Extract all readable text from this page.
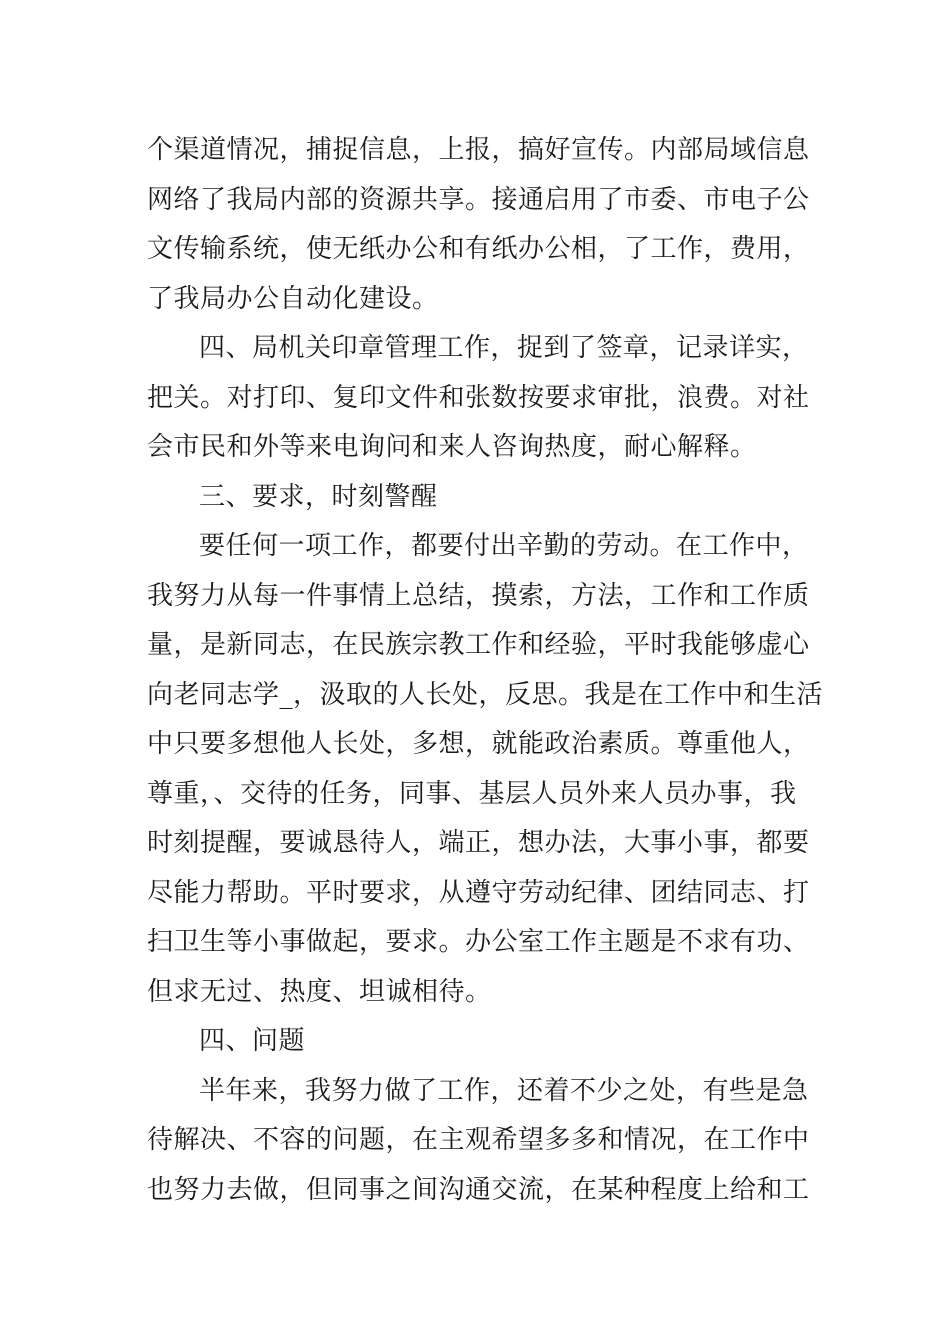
个渠道情况，捕捉信息，上报，搞好宣传。内部局域信息
网络了我局内部的资源共享。接通启用了市委、市电子公
文传输系统，使无纸办公和有纸办公相，了工作，费用，
了我局办公自动化建设。
四、局机关印章管理工作，捉到了签章，记录详实，
把关。对打印、复印文件和张数按要求审批，浪费。对社
会市民和外等来电询问和来人咨询热度，耐心解释。
三、要求，时刻警醒
要任何一项工作，都要付出辛勤的劳动。在工作中，
我努力从每一件事情上总结，摸索，方法，工作和工作质
量，是新同志，在民族宗教工作和经验，平时我能够虚心
向老同志学_，汲取的人长处，反思。我是在工作中和生活
中只要多想他人长处，多想，就能政治素质。尊重他人，
尊重，、交待的任务，同事、基层人员外来人员办事，我
时刻提醒，要诚恳待人，端正，想办法，大事小事，都要
尽能力帮助。平时要求，从遵守劳动纪律、团结同志、打
扫卫生等小事做起，要求。办公室工作主题是不求有功、
但求无过、热度、坦诚相待。
四、问题
半年来，我努力做了工作，还着不少之处，有些是急
待解决、不容的问题，在主观希望多多和情况，在工作中
也努力去做，但同事之间沟通交流，在某种程度上给和工
